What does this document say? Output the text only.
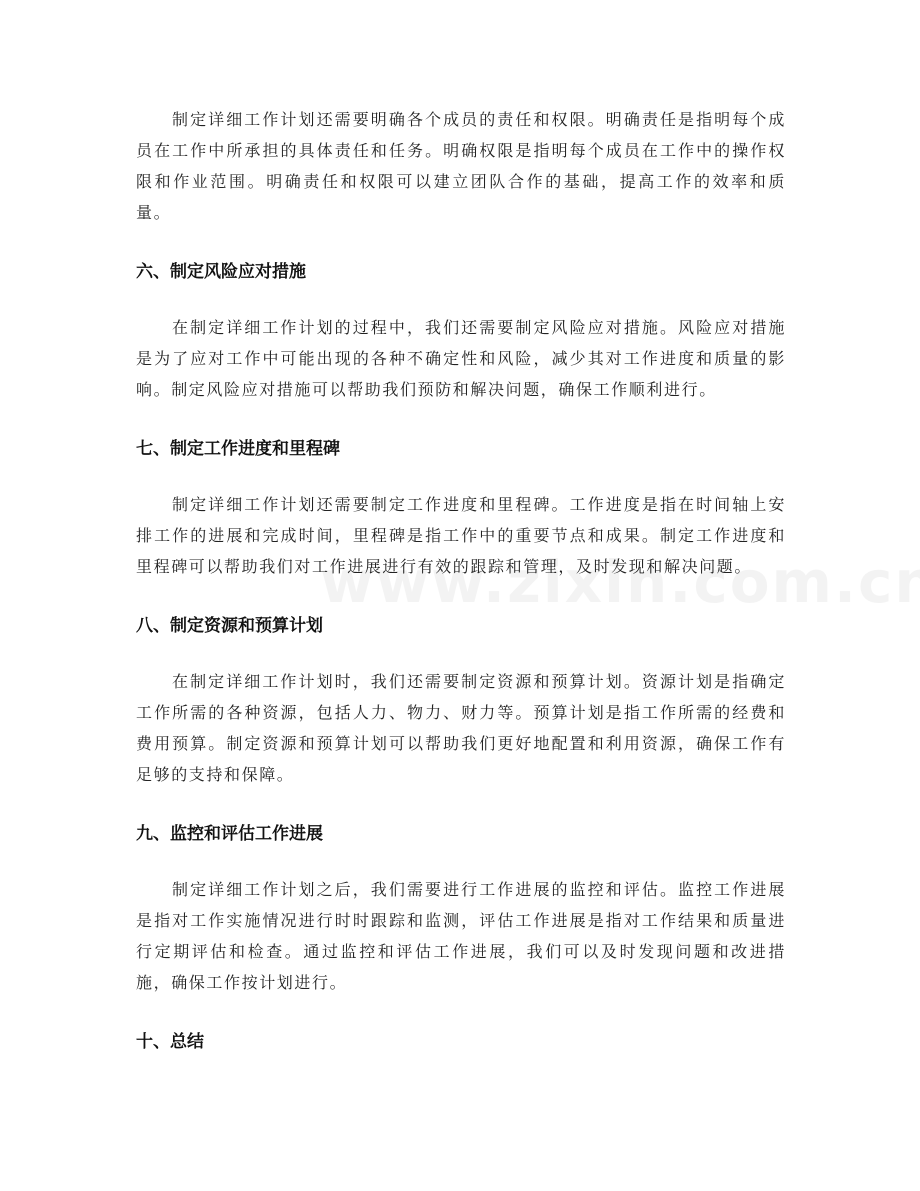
制定详细工作计划还需要明确各个成员的责任和权限。明确责任是指明每个成员在工作中所承担的具体责任和任务。明确权限是指明每个成员在工作中的操作权限和作业范围。明确责任和权限可以建立团队合作的基础，提高工作的效率和质量。

六、制定风险应对措施

在制定详细工作计划的过程中，我们还需要制定风险应对措施。风险应对措施是为了应对工作中可能出现的各种不确定性和风险，减少其对工作进度和质量的影响。制定风险应对措施可以帮助我们预防和解决问题，确保工作顺利进行。

七、制定工作进度和里程碑

制定详细工作计划还需要制定工作进度和里程碑。工作进度是指在时间轴上安排工作的进展和完成时间，里程碑是指工作中的重要节点和成果。制定工作进度和里程碑可以帮助我们对工作进展进行有效的跟踪和管理，及时发现和解决问题。

八、制定资源和预算计划

在制定详细工作计划时，我们还需要制定资源和预算计划。资源计划是指确定工作所需的各种资源，包括人力、物力、财力等。预算计划是指工作所需的经费和费用预算。制定资源和预算计划可以帮助我们更好地配置和利用资源，确保工作有足够的支持和保障。

九、监控和评估工作进展

制定详细工作计划之后，我们需要进行工作进展的监控和评估。监控工作进展是指对工作实施情况进行时时跟踪和监测，评估工作进展是指对工作结果和质量进行定期评估和检查。通过监控和评估工作进展，我们可以及时发现问题和改进措施，确保工作按计划进行。

十、总结
